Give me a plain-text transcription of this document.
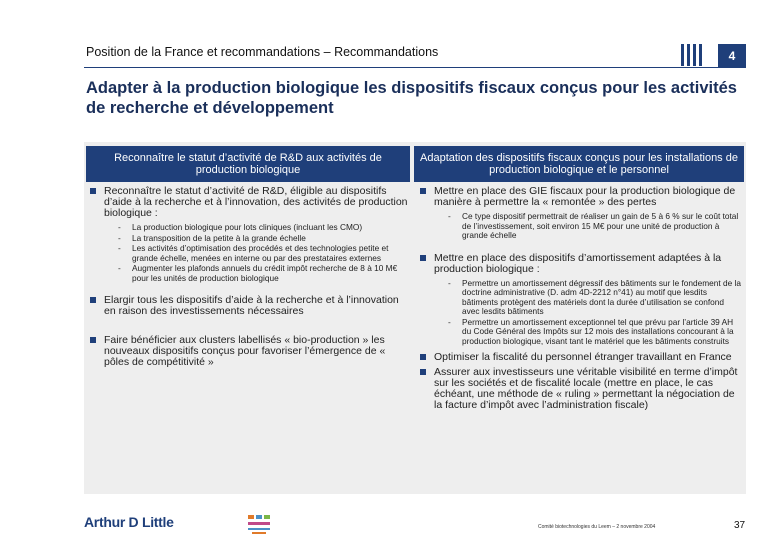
Position de la France et recommandations – Recommandations	4
Adapter à la production biologique les dispositifs fiscaux conçus pour les activités de recherche et développement
Reconnaître le statut d’activité de R&D aux activités de production biologique
Adaptation des dispositifs fiscaux conçus pour les installations de production biologique et le personnel
Reconnaître le statut d’activité de R&D, éligible au dispositifs d’aide à la recherche et à l’innovation, des activités de production biologique :
- La production biologique pour lots cliniques (incluant les CMO)
- La transposition de la petite à la grande échelle
- Les activités d’optimisation des procédés et des technologies petite et grande échelle, menées en interne ou par des prestataires externes
- Augmenter les plafonds annuels du crédit impôt recherche de 8 à 10 M€ pour les unités de production biologique
Elargir tous les dispositifs d’aide à la recherche et à l’innovation en raison des investissements nécessaires
Faire bénéficier aux clusters labellisés « bio-production » les nouveaux dispositifs conçus pour favoriser l’émergence de « pôles de compétitivité »
Mettre en place des GIE fiscaux pour la production biologique de manière à permettre la « remontée » des pertes
- Ce type dispositif permettrait de réaliser un gain de 5 à 6 % sur le coût total de l’investissement, soit environ 15 M€ pour une unité de production à grande échelle
Mettre en place des dispositifs d’amortissement adaptées à la production biologique :
- Permettre un amortissement dégressif des bâtiments sur le fondement de la doctrine administrative (D. adm 4D-2212 n°41) au motif que lesdits bâtiments protègent des matériels dont la durée d’utilisation se confond avec lesdits bâtiments
- Permettre un amortissement exceptionnel tel que prévu par l’article 39 AH du Code Général des Impôts sur 12 mois des installations concourant à la production biologique, visant tant le matériel que les bâtiments construits
Optimiser la fiscalité du personnel étranger travaillant en France
Assurer aux investisseurs une véritable visibilité en terme d’impôt sur les sociétés et de fiscalité locale (mettre en place, le cas échéant, une méthode de « ruling » permettant la négociation de la facture d’impôt avec l’administration fiscale)
Arthur D Little	Comité biotechnologies du Leem – 2 novembre 2004	37
